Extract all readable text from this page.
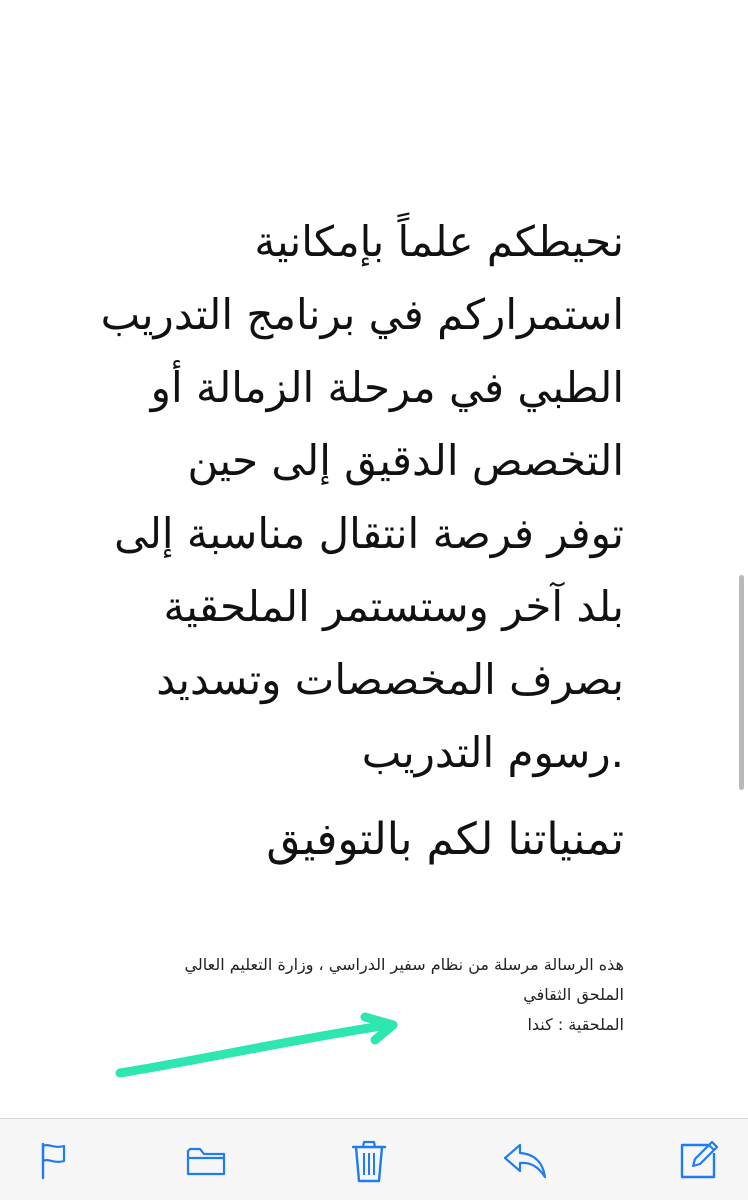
نحيطكم علماً بإمكانية
استمراركم في برنامج التدريب
الطبي في مرحلة الزمالة أو
التخصص الدقيق إلى حين
توفر فرصة انتقال مناسبة إلى
بلد آخر وستستمر الملحقية
بصرف المخصصات وتسديد
.رسوم التدريب
تمنياتنا لكم بالتوفيق
هذه الرسالة مرسلة من نظام سفير الدراسي ، وزارة التعليم العالي
الملحق الثقافي
الملحقية : كندا
